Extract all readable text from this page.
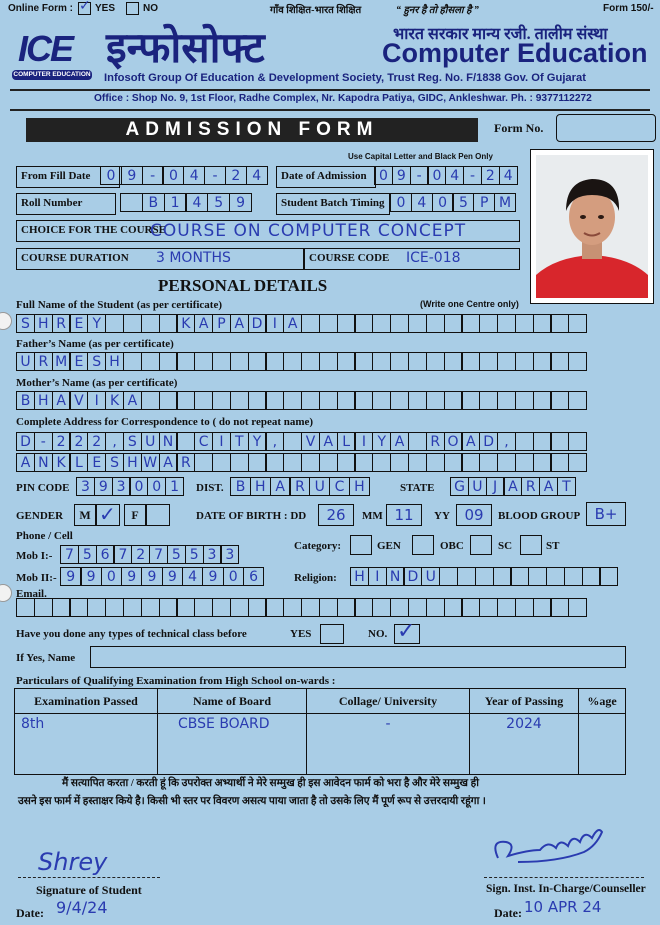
Online Form : ✓ YES	NO	गाँव शिक्षित-भारत शिक्षित	“ हुनर है तो हौसला है ”	Form 150/-
ICE
COMPUTER EDUCATION
इन्फोसोफ्ट	भारत सरकार मान्य रजी. तालीम संस्था
Computer Education
Infosoft Group Of Education & Development Society, Trust Reg. No. F/1838 Gov. Of Gujarat
Office : Shop No. 9, 1st Floor, Radhe Complex, Nr. Kapodra Patiya, GIDC, Ankleshwar. Ph. : 9377112272
ADMISSION FORM	Form No.
Use Capital Letter and Black Pen Only
From Fill Date	0 9 - 0 4 - 2 4	Date of Admission 0 9 - 0 4 - 2 4
Roll Number	B 1 4 5 9	Student Batch Timing 0 4 0 5 P M
CHOICE FOR THE COURSE
COURSE ON COMPUTER CONCEPT
COURSE DURATION	3 MONTHS	COURSE CODE	ICE-018
PERSONAL DETAILS
Full Name of the Student (as per certificate)	(Write one Centre only)
S H R E Y	K A P A D I A
Father’s Name (as per certificate)
U R M E S H
Mother’s Name (as per certificate)
B H A V I K A
Complete Address for Correspondence to ( do not repeat name)
D - 2 2 2 , S U N	C I T Y ,	V A L I Y A	R O A D ,
A N K L E S H W A R
PIN CODE 3 9 3 0 0 1	DIST. B H A R U C H	STATE G U J A R A T
GENDER	M ✓	F	DATE OF BIRTH : DD	26	MM 11	YY 09	BLOOD GROUP B+
Phone / Cell
Mob I:- 7 5 6 7 2 7 5 5 3 3
Mob II:- 9 9 0 9 9 9 4 9 0 6
Category:	GEN	OBC	SC	ST
Religion:	H I N D U
Email.
Have you done any types of technical class before	YES	NO. ✓
If Yes, Name
Particulars of Qualifying Examination from High School on-wards :
Examination Passed	Name of Board	Collage/ University	Year of Passing	%age
8th	CBSE BOARD	-	2024	
मैं सत्यापित करता / करती हूं कि उपरोक्त अभ्यार्थी ने मेरे सम्मुख ही इस आवेदन फार्म को भरा है और मेरे सम्मुख ही
उसने इस फार्म में हस्ताक्षर किये है। किसी भी स्तर पर विवरण असत्य पाया जाता है तो उसके लिए मैं पूर्ण रूप से उत्तरदायी रहूंगा ।
Shrey
Signature of Student
Date: 9/4/24
Sign. Inst. In-Charge/Counseller
Date: 10 APR 24
